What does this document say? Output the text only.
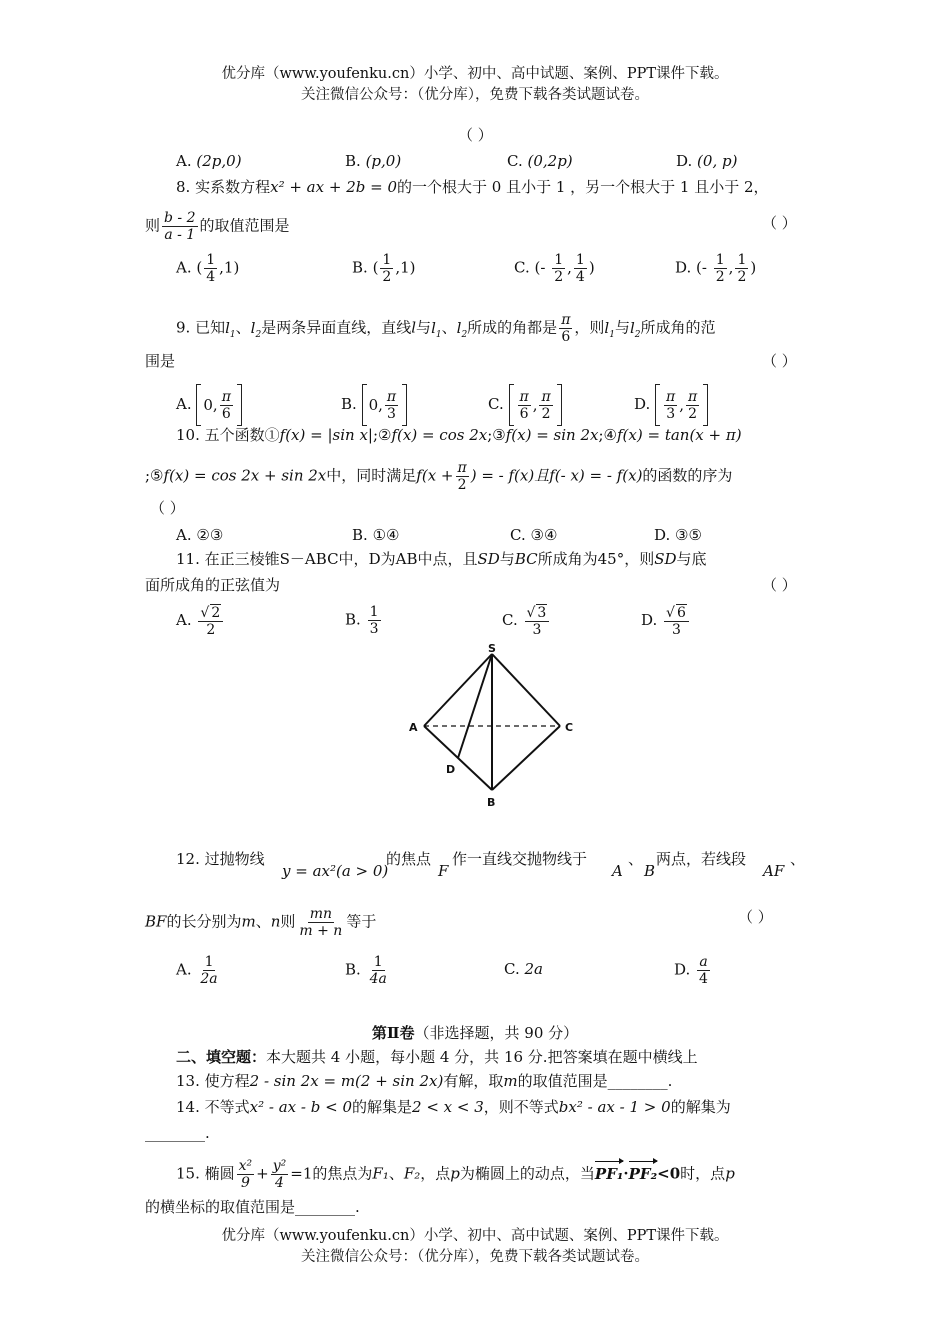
优分库（www.youfenku.cn）小学、初中、高中试题、案例、PPT课件下载。
关注微信公众号：（优分库），免费下载各类试题试卷。
（ ）
A. (2p,0)	B. (p,0)	C. (0,2p)	D. (0, p)
8. 实系数方程x² + ax + 2b = 0的一个根大于 0 且小于 1 ，另一个根大于 1 且小于 2，
则 $\frac{b - 2}{a - 1}$ 的取值范围是	（ ）
A. ( $\frac{1}{4} ,1$)	B. ( $\frac{1}{2} ,1$)	C. (- $\frac{1}{2}$ , $\frac{1}{4}$ )	D. (- $\frac{1}{2}$ , $\frac{1}{2}$ )
9. 已知$l_1$、$l_2$是两条异面直线，直线l与$l_1$、$l_2$所成的角都是 $\frac{\pi}{6}$ ，则$l_1$与$l_2$所成角的范
围是	（ ）
A. 0, $\frac{\pi}{6}$	B. 0, $\frac{\pi}{3}$	C. $\frac{\pi}{6}$ , $\frac{\pi}{2}$	D. $\frac{\pi}{3}$ , $\frac{\pi}{2}$
10. 五个函数①f(x) = |sin x|;②f(x) = cos 2x;③f(x) = sin 2x;④f(x) = tan(x + π)
;⑤f(x) = cos 2x + sin 2x中，同时满足$f(x + \frac{\pi}{2}$ ) = - f(x)且f(- x) = - f(x)的函数的序为
（ ）
A. ②③	B. ①④	C. ③④	D. ③⑤
11. 在正三棱锥S－ABC中，D为AB中点，且SD与BC所成角为45°，则SD与底
面所成角的正弦值为	（ ）
A. $\frac{√ 2}{2}$	B. $\frac{1}{3}$	C. $\frac{√ 3}{3}$	D. $\frac{√ 6}{3}$
S
A	C
D
B
12. 过抛物线
y = ax²(a > 0)
的焦点
F
作一直线交抛物线于
A
、
B
两点，若线段
AF
、
BF的长分别为m、n则 $\frac{mn}{m + n}$ 等于	（ ）
A. $\frac{1}{2a}$	B. $\frac{1}{4a}$	C. 2a	D. $\frac{a}{4}$
第Ⅱ卷（非选择题，共 90 分）
二、填空题：本大题共 4 小题，每小题 4 分，共 16 分.把答案填在题中横线上
13. 使方程2 - sin 2x = m(2 + sin 2x)有解，取m的取值范围是________.
14. 不等式x² - ax - b < 0的解集是2 < x < 3，则不等式bx² - ax - 1 > 0的解集为
________.
15. 椭圆 $\frac{\text{x²}}{9} + \frac{\text{y²}}{4} =1$的焦点为F₁、F₂，点p为椭圆上的动点，当PF₁·PF₂<0时，点p
的横坐标的取值范围是________.
优分库（www.youfenku.cn）小学、初中、高中试题、案例、PPT课件下载。
关注微信公众号：（优分库），免费下载各类试题试卷。
